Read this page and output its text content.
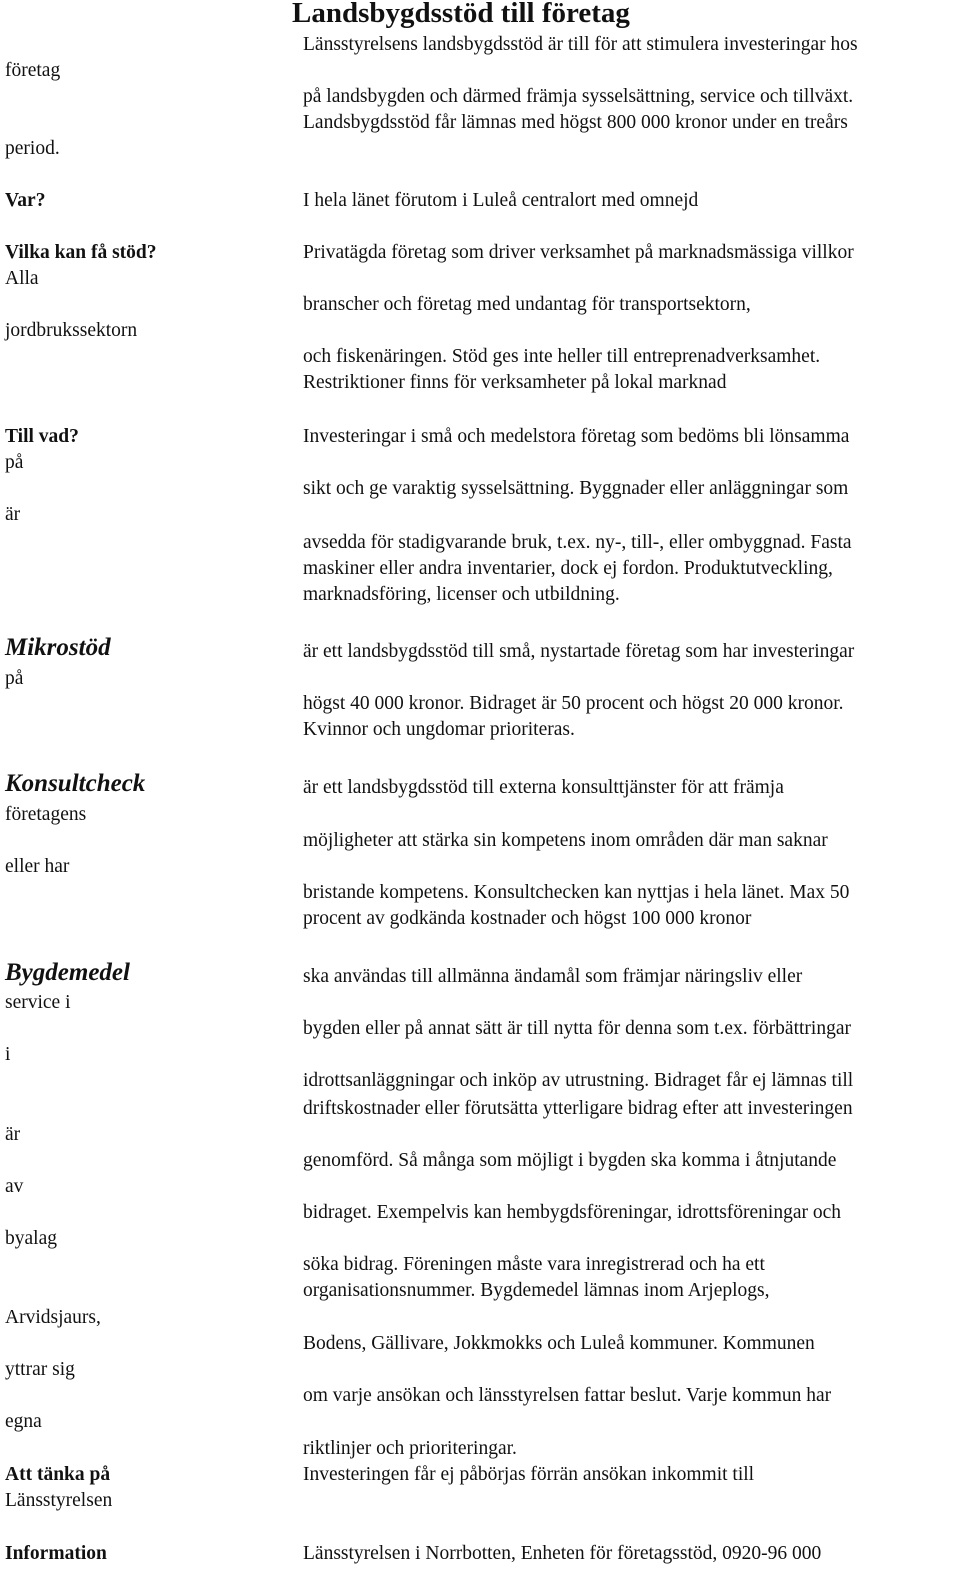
Landsbygdsstöd till företag
företag
period.
Länsstyrelsens landsbygdsstöd är till för att stimulera investeringar hos
på landsbygden och därmed främja sysselsättning, service och tillväxt.
Landsbygdsstöd får lämnas med högst 800 000 kronor under en treårs
Var?	I hela länet förutom i Luleå centralort med omnejd
Vilka kan få stöd?
Alla
jordbrukssektorn
Privatägda företag som driver verksamhet på marknadsmässiga villkor
branscher och företag med undantag för transportsektorn,
och fiskenäringen. Stöd ges inte heller till entreprenadverksamhet.
Restriktioner finns för verksamheter på lokal marknad
Till vad?
på
är
Investeringar i små och medelstora företag som bedöms bli lönsamma
sikt och ge varaktig sysselsättning. Byggnader eller anläggningar som
avsedda för stadigvarande bruk, t.ex. ny-, till-, eller ombyggnad. Fasta
maskiner eller andra inventarier, dock ej fordon. Produktutveckling,
marknadsföring, licenser och utbildning.
Mikrostöd
på
är ett landsbygdsstöd till små, nystartade företag som har investeringar
högst 40 000 kronor. Bidraget är 50 procent och högst 20 000 kronor.
Kvinnor och ungdomar prioriteras.
Konsultcheck
företagens
eller har
är ett landsbygdsstöd till externa konsulttjänster för att främja
möjligheter att stärka sin kompetens inom områden där man saknar
bristande kompetens. Konsultchecken kan nyttjas i hela länet. Max 50
procent av godkända kostnader och högst 100 000 kronor
Bygdemedel
service i
i
är
av
byalag
Arvidsjaurs,
yttrar sig
egna
ska användas till allmänna ändamål som främjar näringsliv eller
bygden eller på annat sätt är till nytta för denna som t.ex. förbättringar
idrottsanläggningar och inköp av utrustning. Bidraget får ej lämnas till
driftskostnader eller förutsätta ytterligare bidrag efter att investeringen
genomförd. Så många som möjligt i bygden ska komma i åtnjutande
bidraget. Exempelvis kan hembygdsföreningar, idrottsföreningar och
söka bidrag. Föreningen måste vara inregistrerad och ha ett
organisationsnummer. Bygdemedel lämnas inom Arjeplogs,
Bodens, Gällivare, Jokkmokks och Luleå kommuner. Kommunen
om varje ansökan och länsstyrelsen fattar beslut. Varje kommun har
riktlinjer och prioriteringar.
Att tänka på
Länsstyrelsen
Investeringen får ej påbörjas förrän ansökan inkommit till
Information	Länsstyrelsen i Norrbotten, Enheten för företagsstöd, 0920-96 000
